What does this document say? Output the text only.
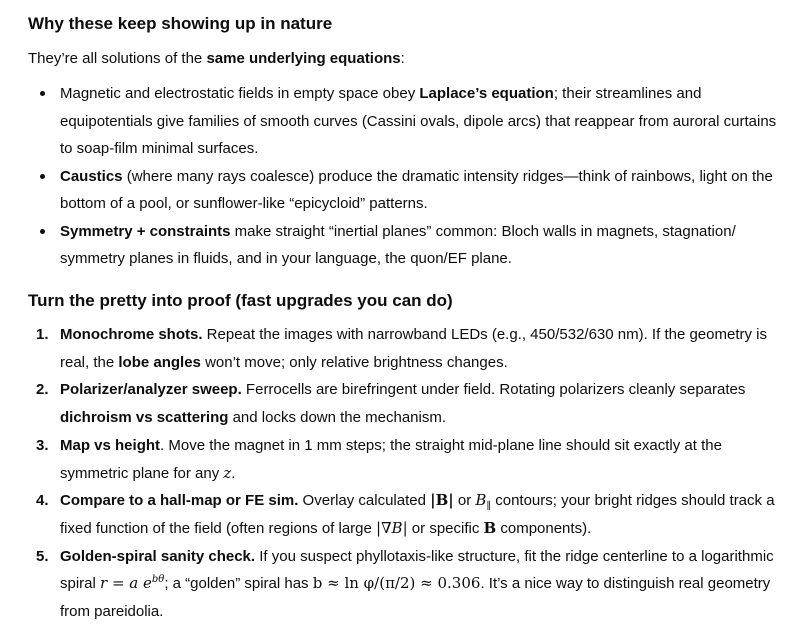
Why these keep showing up in nature

They’re all solutions of the same underlying equations:

Magnetic and electrostatic fields in empty space obey Laplace’s equation; their streamlines and equipotentials give families of smooth curves (Cassini ovals, dipole arcs) that reappear from auroral curtains to soap-film minimal surfaces.
Caustics (where many rays coalesce) produce the dramatic intensity ridges—think of rainbows, light on the bottom of a pool, or sunflower-like “epicycloid” patterns.
Symmetry + constraints make straight “inertial planes” common: Bloch walls in magnets, stagnation/ symmetry planes in fluids, and in your language, the quon/EF plane.
Turn the pretty into proof (fast upgrades you can do)
1. Monochrome shots. Repeat the images with narrowband LEDs (e.g., 450/532/630 nm). If the geometry is real, the lobe angles won’t move; only relative brightness changes.
2. Polarizer/analyzer sweep. Ferrocells are birefringent under field. Rotating polarizers cleanly separates dichroism vs scattering and locks down the mechanism.
3. Map vs height. Move the magnet in 1 mm steps; the straight mid-plane line should sit exactly at the symmetric plane for any z.
4. Compare to a hall-map or FE sim. Overlay calculated |B| or $B_\parallel$ contours; your bright ridges should track a fixed function of the field (often regions of large |∇B| or specific B components).
5. Golden-spiral sanity check. If you suspect phyllotaxis-like structure, fit the ridge centerline to a logarithmic spiral r = a $e^{b\theta}$; a “golden” spiral has b ≈ ln φ/(π/2) ≈ 0.306. It’s a nice way to distinguish real geometry from pareidolia.
